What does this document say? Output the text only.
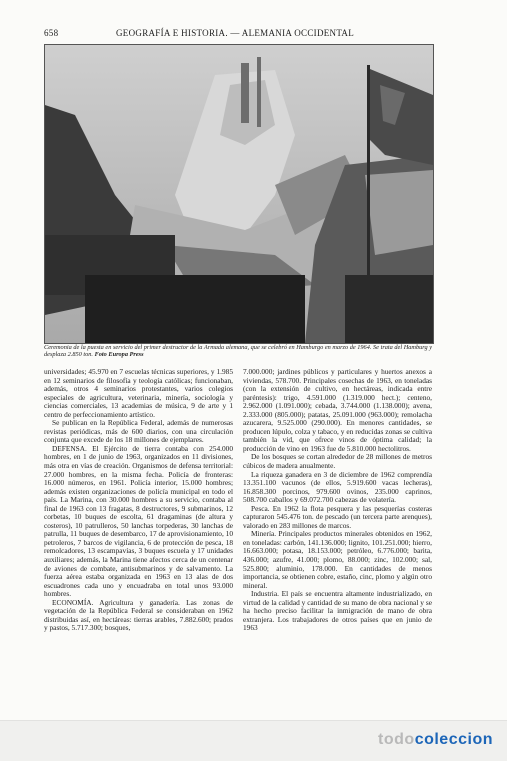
658	GEOGRAFÍA E HISTORIA. — ALEMANIA OCCIDENTAL
Ceremonia de la puesta en servicio del primer destructor de la Armada alemana, que se celebró en Hamburgo en marzo de 1964. Se trata del Hamburg y desplaza 2.850 ton. Foto Europa Press

universidades; 45.970 en 7 escuelas técnicas superiores, y 1.985 en 12 seminarios de filosofía y teología católicas; funcionaban, además, otros 4 seminarios protestantes, varios colegios especiales de agricultura, veterinaria, minería, sociología y ciencias comerciales, 13 academias de música, 9 de arte y 1 centro de perfeccionamiento artístico.

Se publican en la República Federal, además de numerosas revistas periódicas, más de 600 diarios, con una circulación conjunta que excede de los 18 millones de ejemplares.

DEFENSA. El Ejército de tierra contaba con 254.000 hombres, en 1 de junio de 1963, organizados en 11 divisiones, más otra en vías de creación. Organismos de defensa territorial: 27.000 hombres, en la misma fecha. Policía de fronteras: 16.000 números, en 1961. Policía interior, 15.000 hombres; además existen organizaciones de policía municipal en todo el país. La Marina, con 30.000 hombres a su servicio, contaba al final de 1963 con 13 fragatas, 8 destructores, 9 submarinos, 12 corbetas, 10 buques de escolta, 61 dragaminas (de altura y costeros), 10 patrulleros, 50 lanchas torpederas, 30 lanchas de patrulla, 11 buques de desembarco, 17 de aprovisionamiento, 10 petroleros, 7 barcos de vigilancia, 6 de protección de pesca, 18 remolcadores, 13 escampavías, 3 buques escuela y 17 unidades auxiliares; además, la Marina tiene afectos cerca de un centenar de aviones de combate, antisubmarinos y de salvamento. La fuerza aérea estaba organizada en 1963 en 13 alas de dos escuadrones cada uno y encuadraba en total unos 93.000 hombres.

ECONOMÍA. Agricultura y ganadería. Las zonas de vegetación de la República Federal se consideraban en 1962 distribuidas así, en hectáreas: tierras arables, 7.882.600; prados y pastos, 5.717.300; bosques,

7.000.000; jardines públicos y particulares y huertos anexos a viviendas, 578.700. Principales cosechas de 1963, en toneladas (con la extensión de cultivo, en hectáreas, indicada entre paréntesis): trigo, 4.591.000 (1.319.000 hect.); centeno, 2.962.000 (1.091.000); cebada, 3.744.000 (1.138.000); avena, 2.333.000 (805.000); patatas, 25.091.000 (963.000); remolacha azucarera, 9.525.000 (290.000). En menores cantidades, se producen lúpulo, colza y tabaco, y en reducidas zonas se cultiva también la vid, que ofrece vinos de óptima calidad; la producción de vino en 1963 fue de 5.810.000 hectolitros.

De los bosques se cortan alrededor de 28 millones de metros cúbicos de madera anualmente.

La riqueza ganadera en 3 de diciembre de 1962 comprendía 13.351.100 vacunos (de ellos, 5.919.600 vacas lecheras), 16.858.300 porcinos, 979.600 ovinos, 235.000 caprinos, 508.700 caballos y 69.072.700 cabezas de volatería.

Pesca. En 1962 la flota pesquera y las pesquerías costeras capturaron 545.476 ton. de pescado (un tercera parte arenques), valorado en 283 millones de marcos.

Minería. Principales productos minerales obtenidos en 1962, en toneladas: carbón, 141.136.000; lignito, 101.251.000; hierro, 16.663.000; potasa, 18.153.000; petróleo, 6.776.000; barita, 436.000; azufre, 41.000; plomo, 88.000; zinc, 102.000; sal, 525.800; aluminio, 178.000. En cantidades de menos importancia, se obtienen cobre, estaño, cinc, plomo y algún otro mineral.

Industria. El país se encuentra altamente industrializado, en virtud de la calidad y cantidad de su mano de obra nacional y se ha hecho preciso facilitar la inmigración de mano de obra extranjera. Los trabajadores de otros países que en junio de 1963

todocoleccion
